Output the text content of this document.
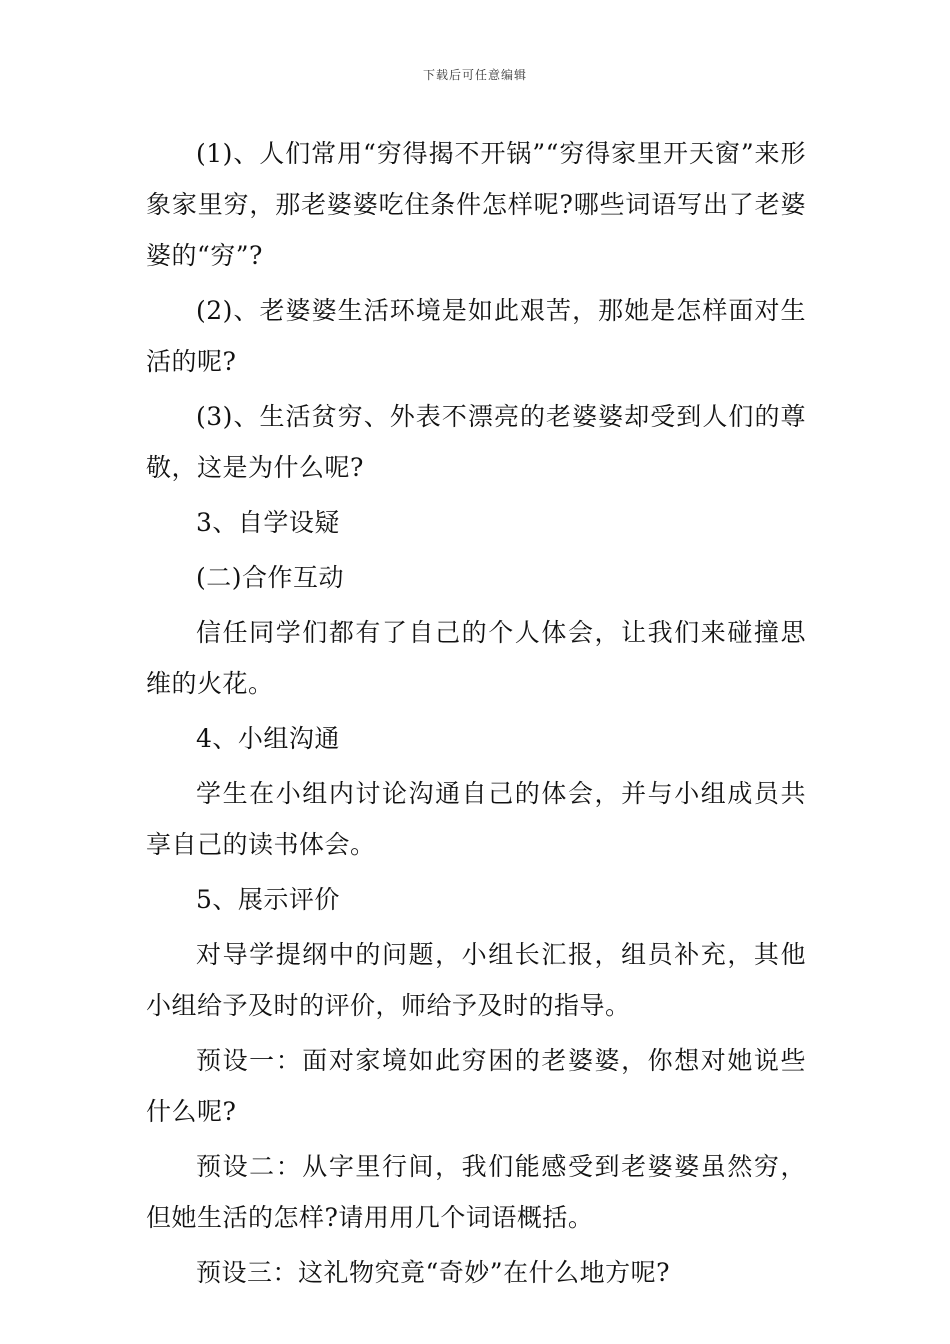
下载后可任意编辑

(1)、人们常用“穷得揭不开锅”“穷得家里开天窗”来形象家里穷，那老婆婆吃住条件怎样呢?哪些词语写出了老婆婆的“穷”?

(2)、老婆婆生活环境是如此艰苦，那她是怎样面对生活的呢?

(3)、生活贫穷、外表不漂亮的老婆婆却受到人们的尊敬，这是为什么呢?

3、自学设疑

(二)合作互动

信任同学们都有了自己的个人体会，让我们来碰撞思维的火花。

4、小组沟通

学生在小组内讨论沟通自己的体会，并与小组成员共享自己的读书体会。

5、展示评价

对导学提纲中的问题，小组长汇报，组员补充，其他小组给予及时的评价，师给予及时的指导。

预设一：面对家境如此穷困的老婆婆，你想对她说些什么呢?

预设二：从字里行间，我们能感受到老婆婆虽然穷，但她生活的怎样?请用用几个词语概括。

预设三：这礼物究竟“奇妙”在什么地方呢?
